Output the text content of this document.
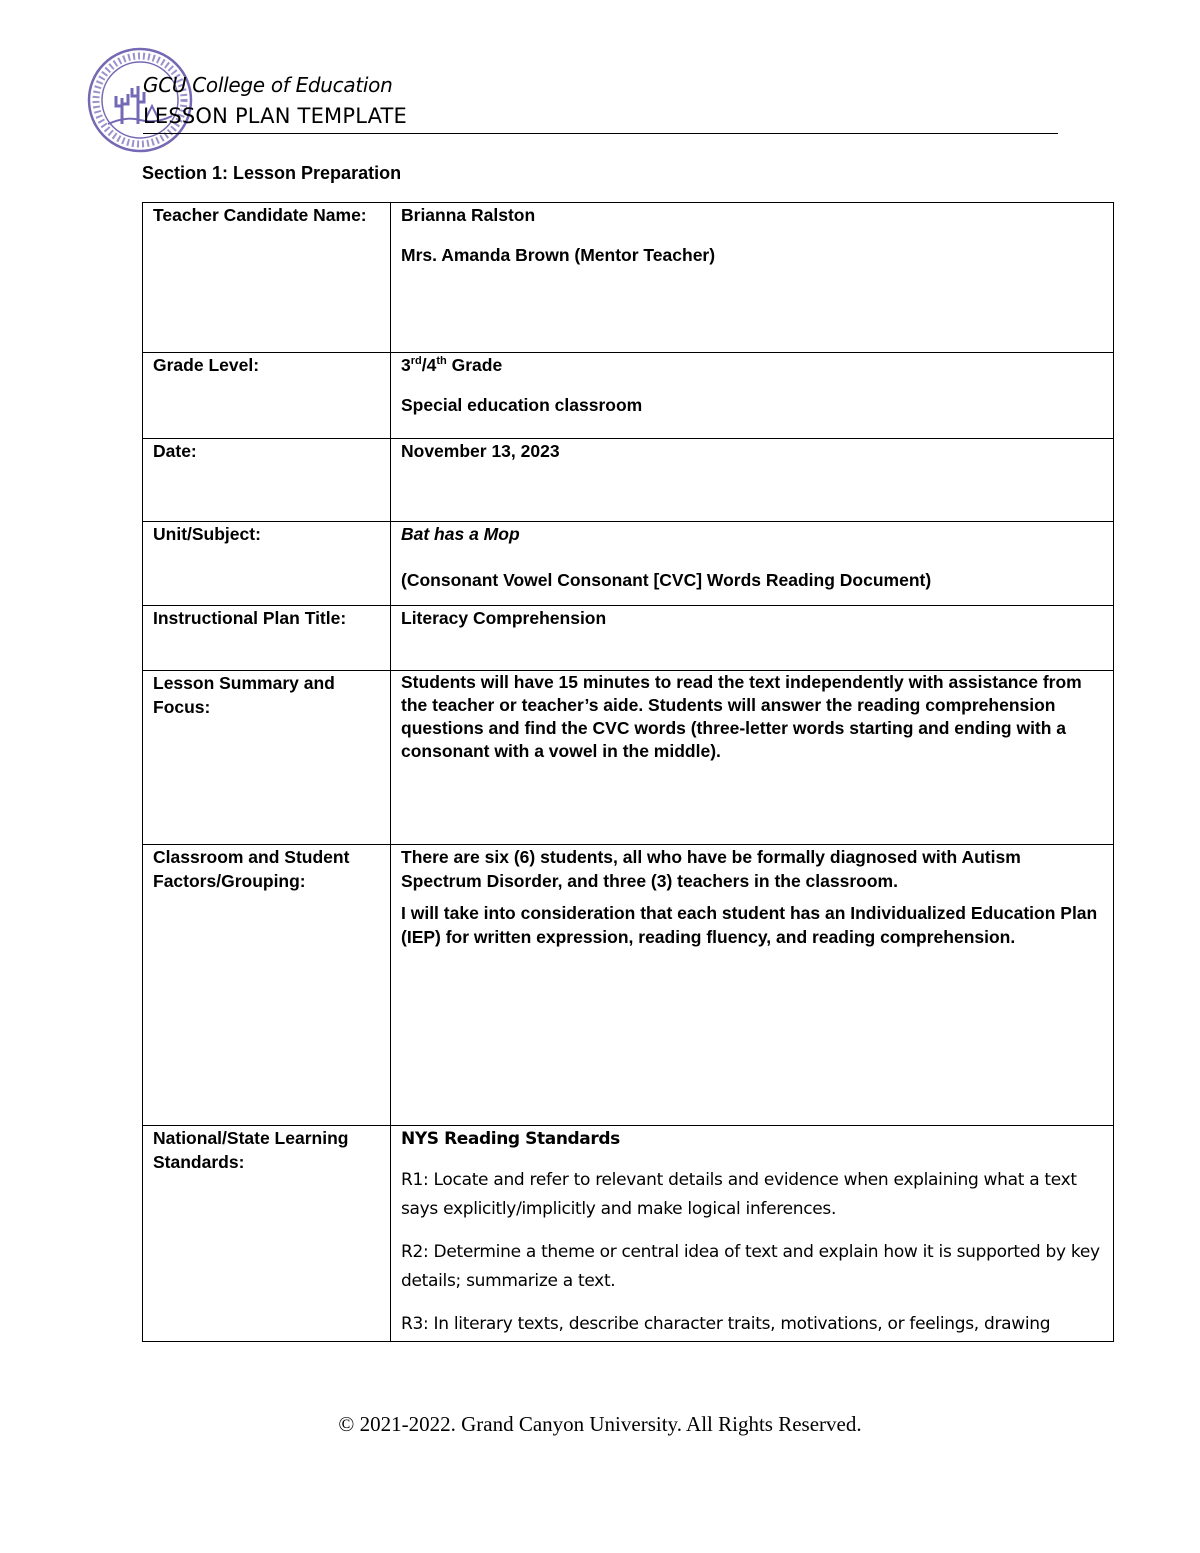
GCU College of Education
LESSON PLAN TEMPLATE
Section 1: Lesson Preparation

Teacher Candidate Name:	Brianna Ralston

Mrs. Amanda Brown (Mentor Teacher)

Grade Level:	3rd/4th Grade

Special education classroom

Date:	November 13, 2023

Unit/Subject:	Bat has a Mop

(Consonant Vowel Consonant [CVC] Words Reading Document)

Instructional Plan Title:	Literacy Comprehension

Lesson Summary and Focus:	Students will have 15 minutes to read the text independently with assistance from the teacher or teacher’s aide. Students will answer the reading comprehension questions and find the CVC words (three-letter words starting and ending with a consonant with a vowel in the middle).

Classroom and Student Factors/Grouping:	There are six (6) students, all who have be formally diagnosed with Autism Spectrum Disorder, and three (3) teachers in the classroom.

I will take into consideration that each student has an Individualized Education Plan (IEP) for written expression, reading fluency, and reading comprehension.

National/State Learning Standards:	NYS Reading Standards

R1: Locate and refer to relevant details and evidence when explaining what a text says explicitly/implicitly and make logical inferences.

R2: Determine a theme or central idea of text and explain how it is supported by key details; summarize a text.

R3: In literary texts, describe character traits, motivations, or feelings, drawing

© 2021-2022. Grand Canyon University. All Rights Reserved.
